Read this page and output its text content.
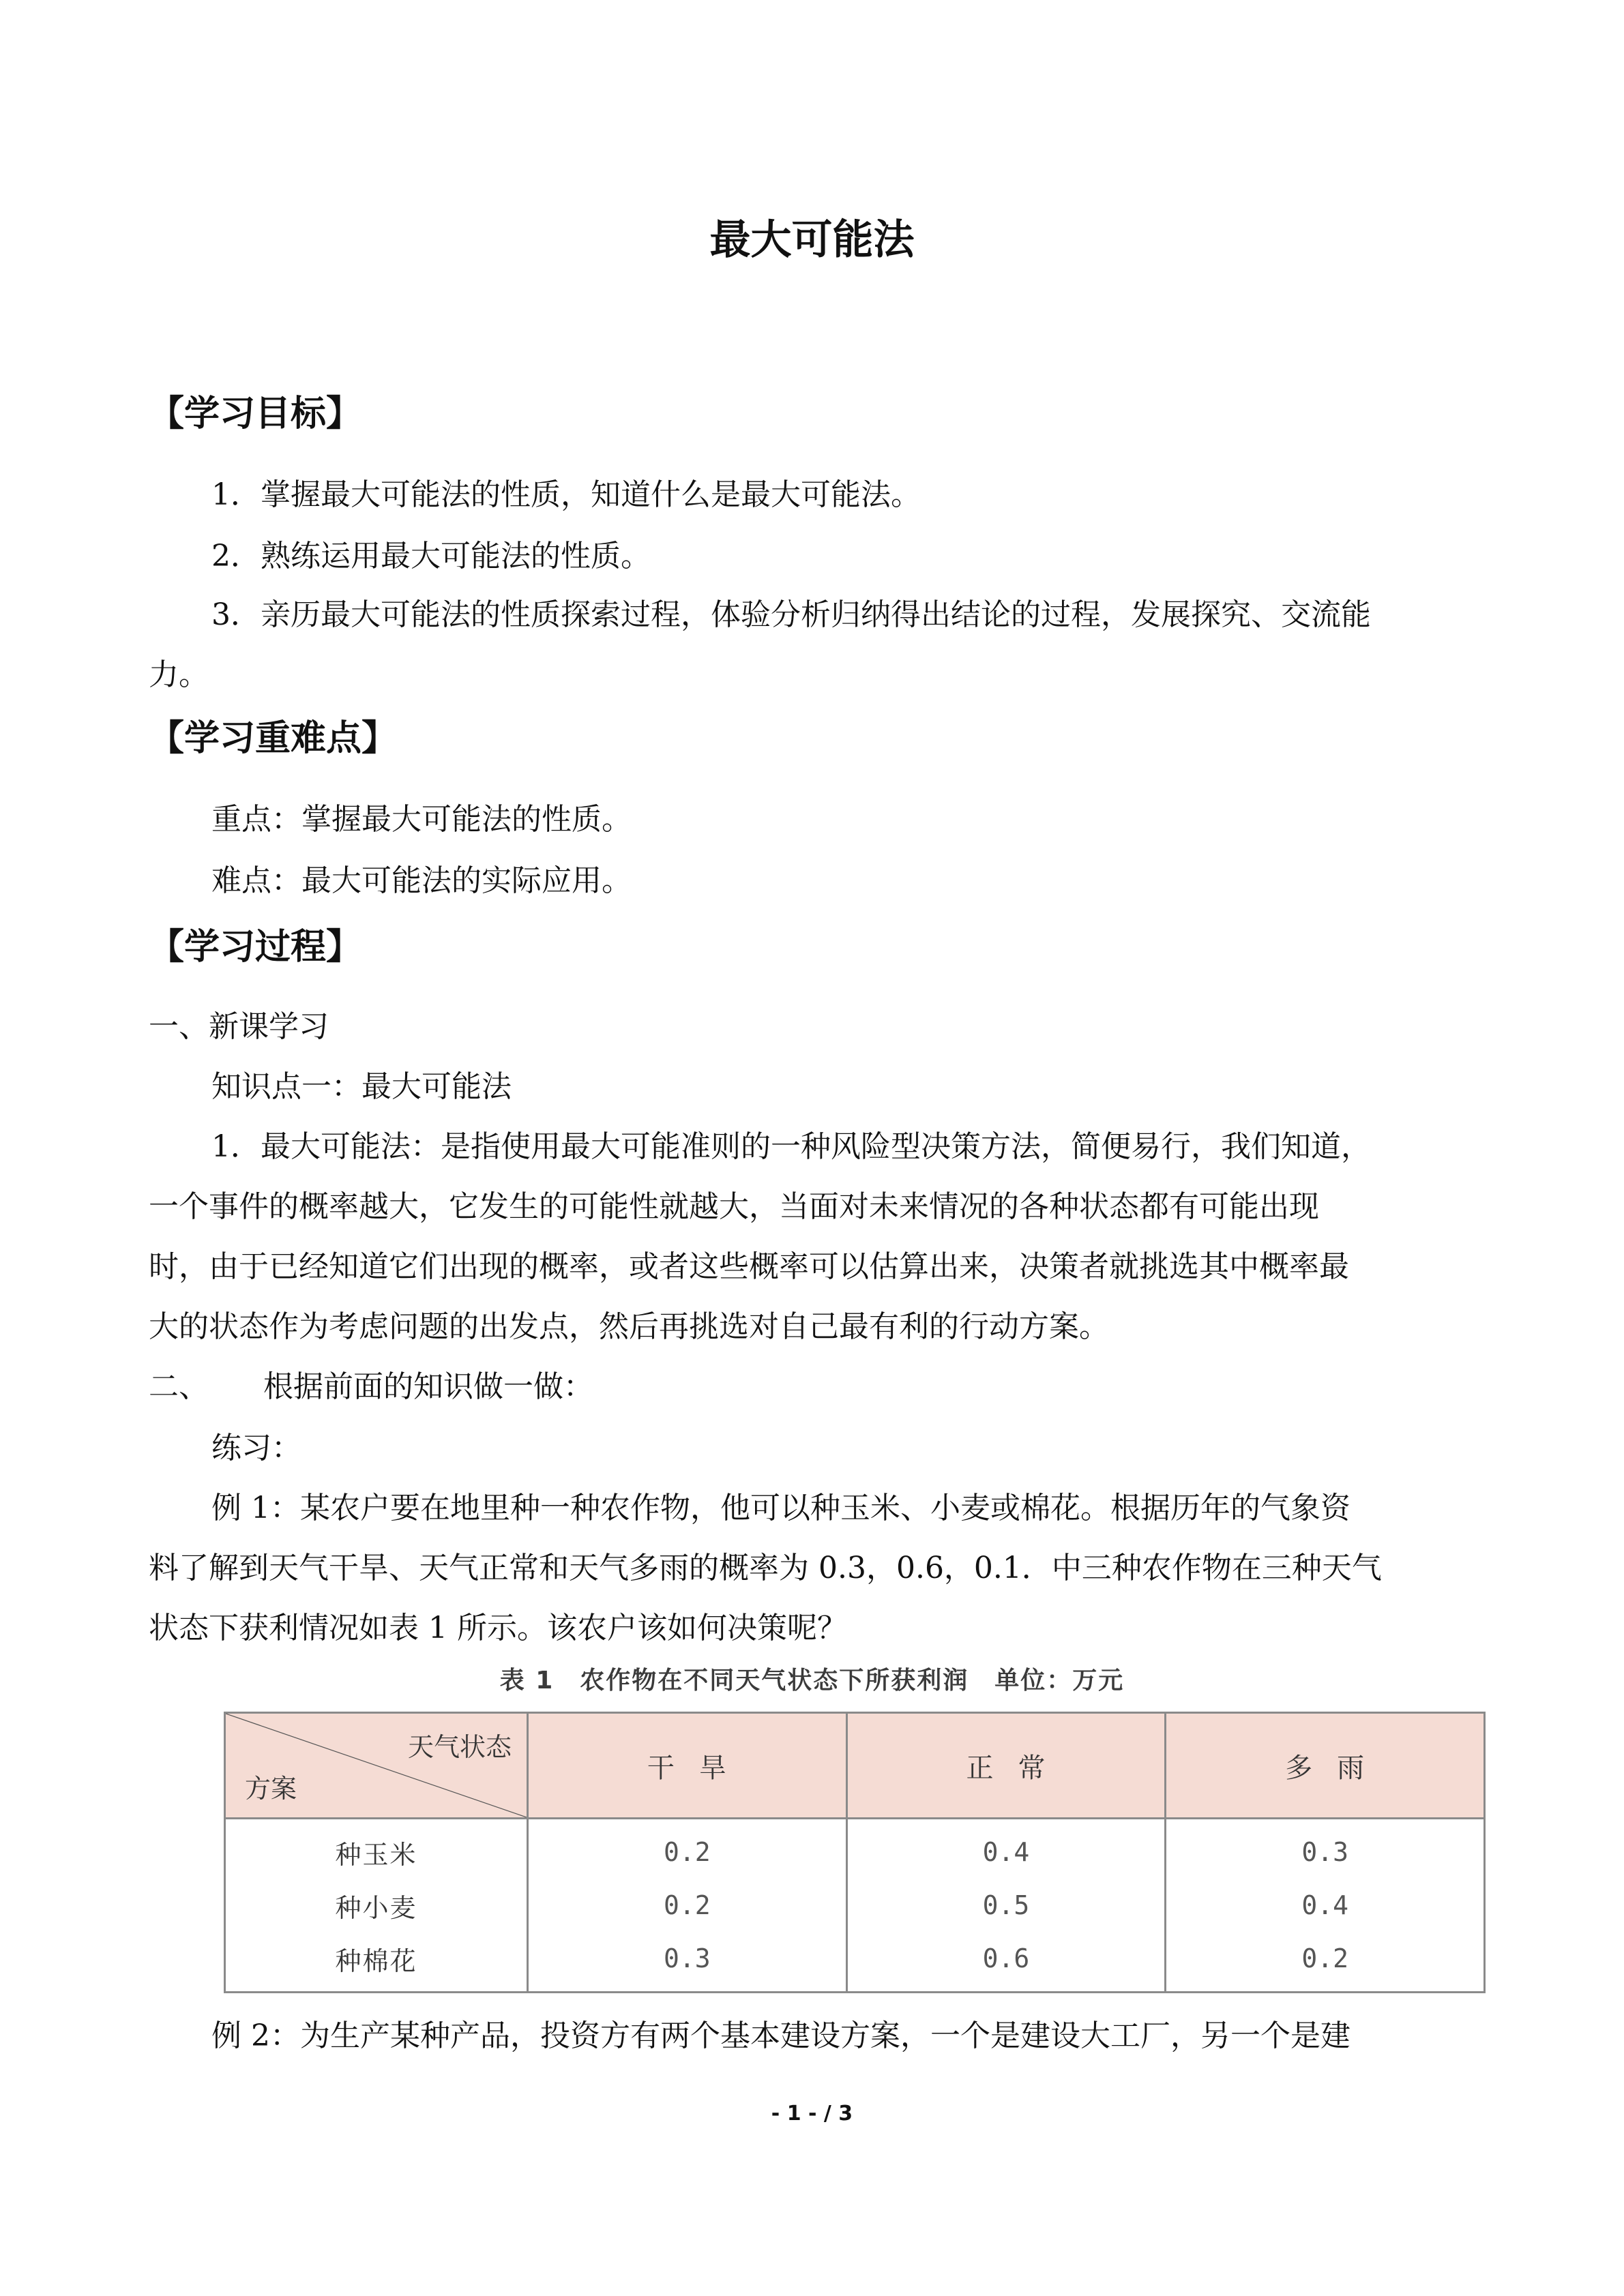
最大可能法
【学习目标】

1．掌握最大可能法的性质，知道什么是最大可能法。

2．熟练运用最大可能法的性质。

3．亲历最大可能法的性质探索过程，体验分析归纳得出结论的过程，发展探究、交流能

力。

【学习重难点】

重点：掌握最大可能法的性质。

难点：最大可能法的实际应用。

【学习过程】

一、新课学习

知识点一：最大可能法

1．最大可能法：是指使用最大可能准则的一种风险型决策方法，简便易行，我们知道，

一个事件的概率越大，它发生的可能性就越大，当面对未来情况的各种状态都有可能出现

时，由于已经知道它们出现的概率，或者这些概率可以估算出来，决策者就挑选其中概率最

大的状态作为考虑问题的出发点，然后再挑选对自己最有利的行动方案。

二、 根据前面的知识做一做：

练习：

例 1：某农户要在地里种一种农作物，他可以种玉米、小麦或棉花。根据历年的气象资

料了解到天气干旱、天气正常和天气多雨的概率为 0.3，0.6，0.1．中三种农作物在三种天气

状态下获利情况如表 1 所示。该农户该如何决策呢？

表 1　农作物在不同天气状态下所获利润　单位：万元
天气状态
方案	干旱	正常	多雨
种玉米	0.2	0.4	0.3
种小麦	0.2	0.5	0.4
种棉花	0.3	0.6	0.2

例 2：为生产某种产品，投资方有两个基本建设方案，一个是建设大工厂，另一个是建

- 1 - / 3
